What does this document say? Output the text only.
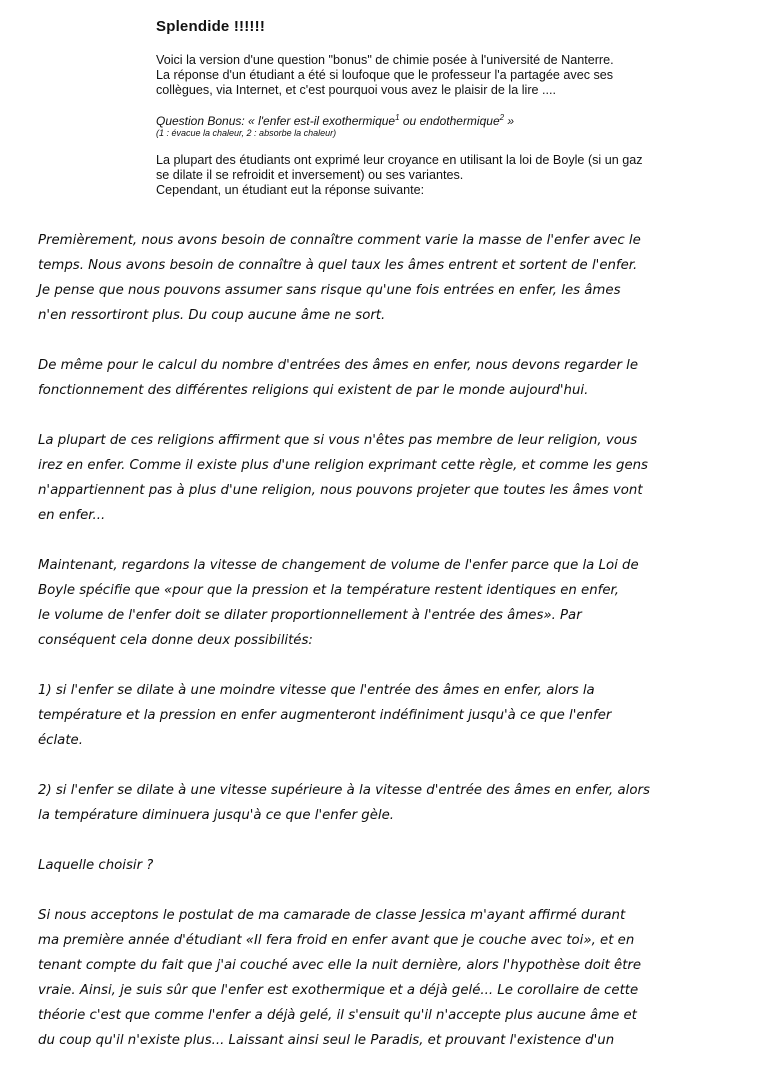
Splendide !!!!!!

Voici la version d'une question "bonus" de chimie posée à l'université de Nanterre.

La réponse d'un étudiant a été si loufoque que le professeur l'a partagée avec ses

collègues, via Internet, et c'est pourquoi vous avez le plaisir de la lire ....

Question Bonus: « l'enfer est-il exothermique$^1$ ou endothermique$^2$ »

(1 : évacue la chaleur, 2 : absorbe la chaleur)

La plupart des étudiants ont exprimé leur croyance en utilisant la loi de Boyle (si un gaz

se dilate il se refroidit et inversement) ou ses variantes.

Cependant, un étudiant eut la réponse suivante:

Premièrement, nous avons besoin de connaître comment varie la masse de l'enfer avec le
temps. Nous avons besoin de connaître à quel taux les âmes entrent et sortent de l'enfer.
Je pense que nous pouvons assumer sans risque qu'une fois entrées en enfer, les âmes
n'en ressortiront plus. Du coup aucune âme ne sort.
De même pour le calcul du nombre d'entrées des âmes en enfer, nous devons regarder le
fonctionnement des différentes religions qui existent de par le monde aujourd'hui.
La plupart de ces religions affirment que si vous n'êtes pas membre de leur religion, vous
irez en enfer. Comme il existe plus d'une religion exprimant cette règle, et comme les gens
n'appartiennent pas à plus d'une religion, nous pouvons projeter que toutes les âmes vont
en enfer...
Maintenant, regardons la vitesse de changement de volume de l'enfer parce que la Loi de
Boyle spécifie que «pour que la pression et la température restent identiques en enfer,
le volume de l'enfer doit se dilater proportionnellement à l'entrée des âmes». Par
conséquent cela donne deux possibilités:
1) si l'enfer se dilate à une moindre vitesse que l'entrée des âmes en enfer, alors la
température et la pression en enfer augmenteront indéfiniment jusqu'à ce que l'enfer
éclate.
2) si l'enfer se dilate à une vitesse supérieure à la vitesse d'entrée des âmes en enfer, alors
la température diminuera jusqu'à ce que l'enfer gèle.
Laquelle choisir ?
Si nous acceptons le postulat de ma camarade de classe Jessica m'ayant affirmé durant
ma première année d'étudiant «Il fera froid en enfer avant que je couche avec toi», et en
tenant compte du fait que j'ai couché avec elle la nuit dernière, alors l'hypothèse doit être
vraie. Ainsi, je suis sûr que l'enfer est exothermique et a déjà gelé... Le corollaire de cette
théorie c'est que comme l'enfer a déjà gelé, il s'ensuit qu'il n'accepte plus aucune âme et
du coup qu'il n'existe plus... Laissant ainsi seul le Paradis, et prouvant l'existence d'un
